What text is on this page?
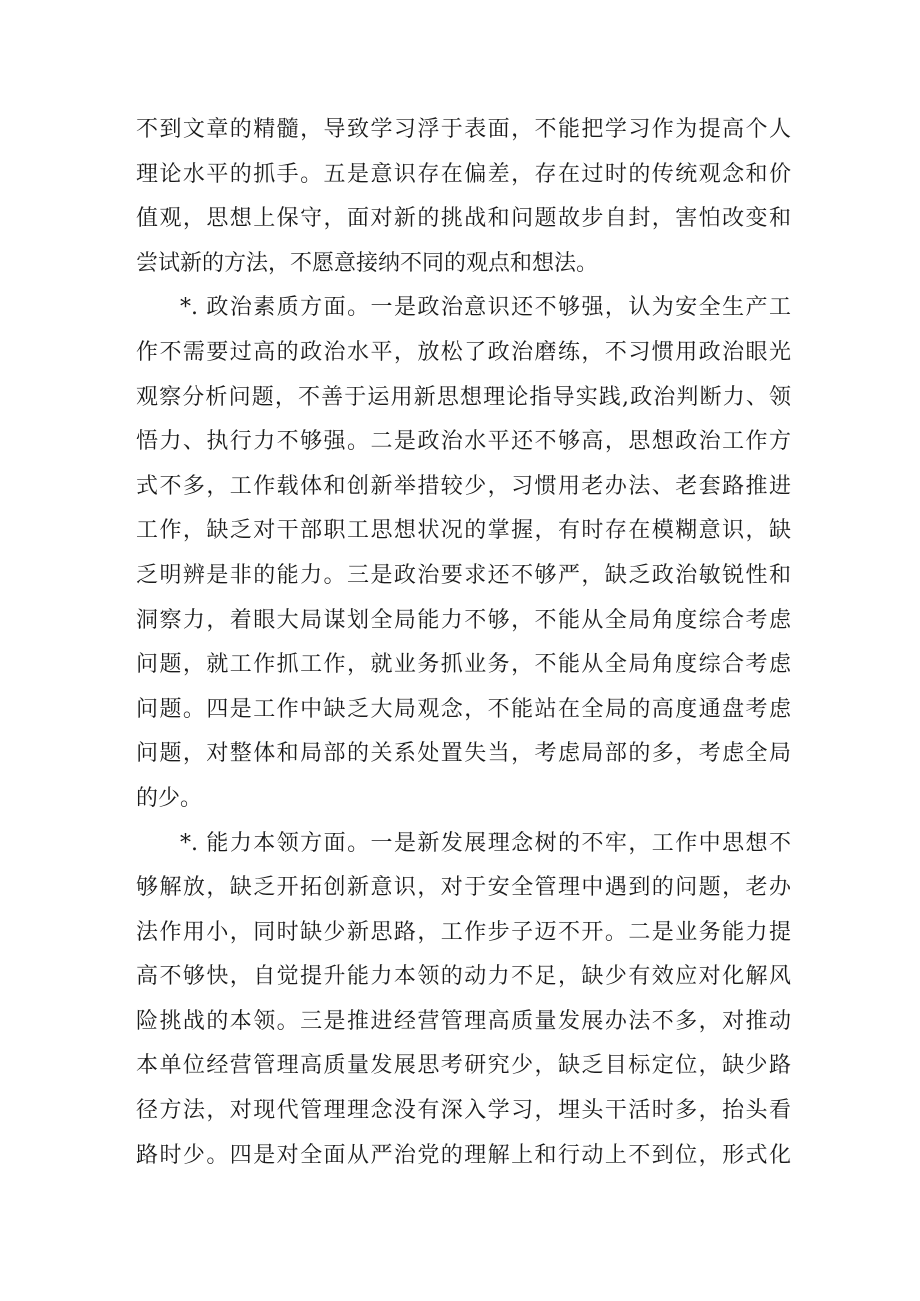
不到文章的精髓，导致学习浮于表面，不能把学习作为提高个人
理论水平的抓手。五是意识存在偏差，存在过时的传统观念和价
值观，思想上保守，面对新的挑战和问题故步自封，害怕改变和
尝试新的方法，不愿意接纳不同的观点和想法。
*. 政治素质方面。一是政治意识还不够强，认为安全生产工
作不需要过高的政治水平，放松了政治磨练，不习惯用政治眼光
观察分析问题，不善于运用新思想理论指导实践,政治判断力、领
悟力、执行力不够强。二是政治水平还不够高，思想政治工作方
式不多，工作载体和创新举措较少，习惯用老办法、老套路推进
工作，缺乏对干部职工思想状况的掌握，有时存在模糊意识，缺
乏明辨是非的能力。三是政治要求还不够严，缺乏政治敏锐性和
洞察力，着眼大局谋划全局能力不够，不能从全局角度综合考虑
问题，就工作抓工作，就业务抓业务，不能从全局角度综合考虑
问题。四是工作中缺乏大局观念，不能站在全局的高度通盘考虑
问题，对整体和局部的关系处置失当，考虑局部的多，考虑全局
的少。
*. 能力本领方面。一是新发展理念树的不牢，工作中思想不
够解放，缺乏开拓创新意识，对于安全管理中遇到的问题，老办
法作用小，同时缺少新思路，工作步子迈不开。二是业务能力提
高不够快，自觉提升能力本领的动力不足，缺少有效应对化解风
险挑战的本领。三是推进经营管理高质量发展办法不多，对推动
本单位经营管理高质量发展思考研究少，缺乏目标定位，缺少路
径方法，对现代管理理念没有深入学习，埋头干活时多，抬头看
路时少。四是对全面从严治党的理解上和行动上不到位，形式化
